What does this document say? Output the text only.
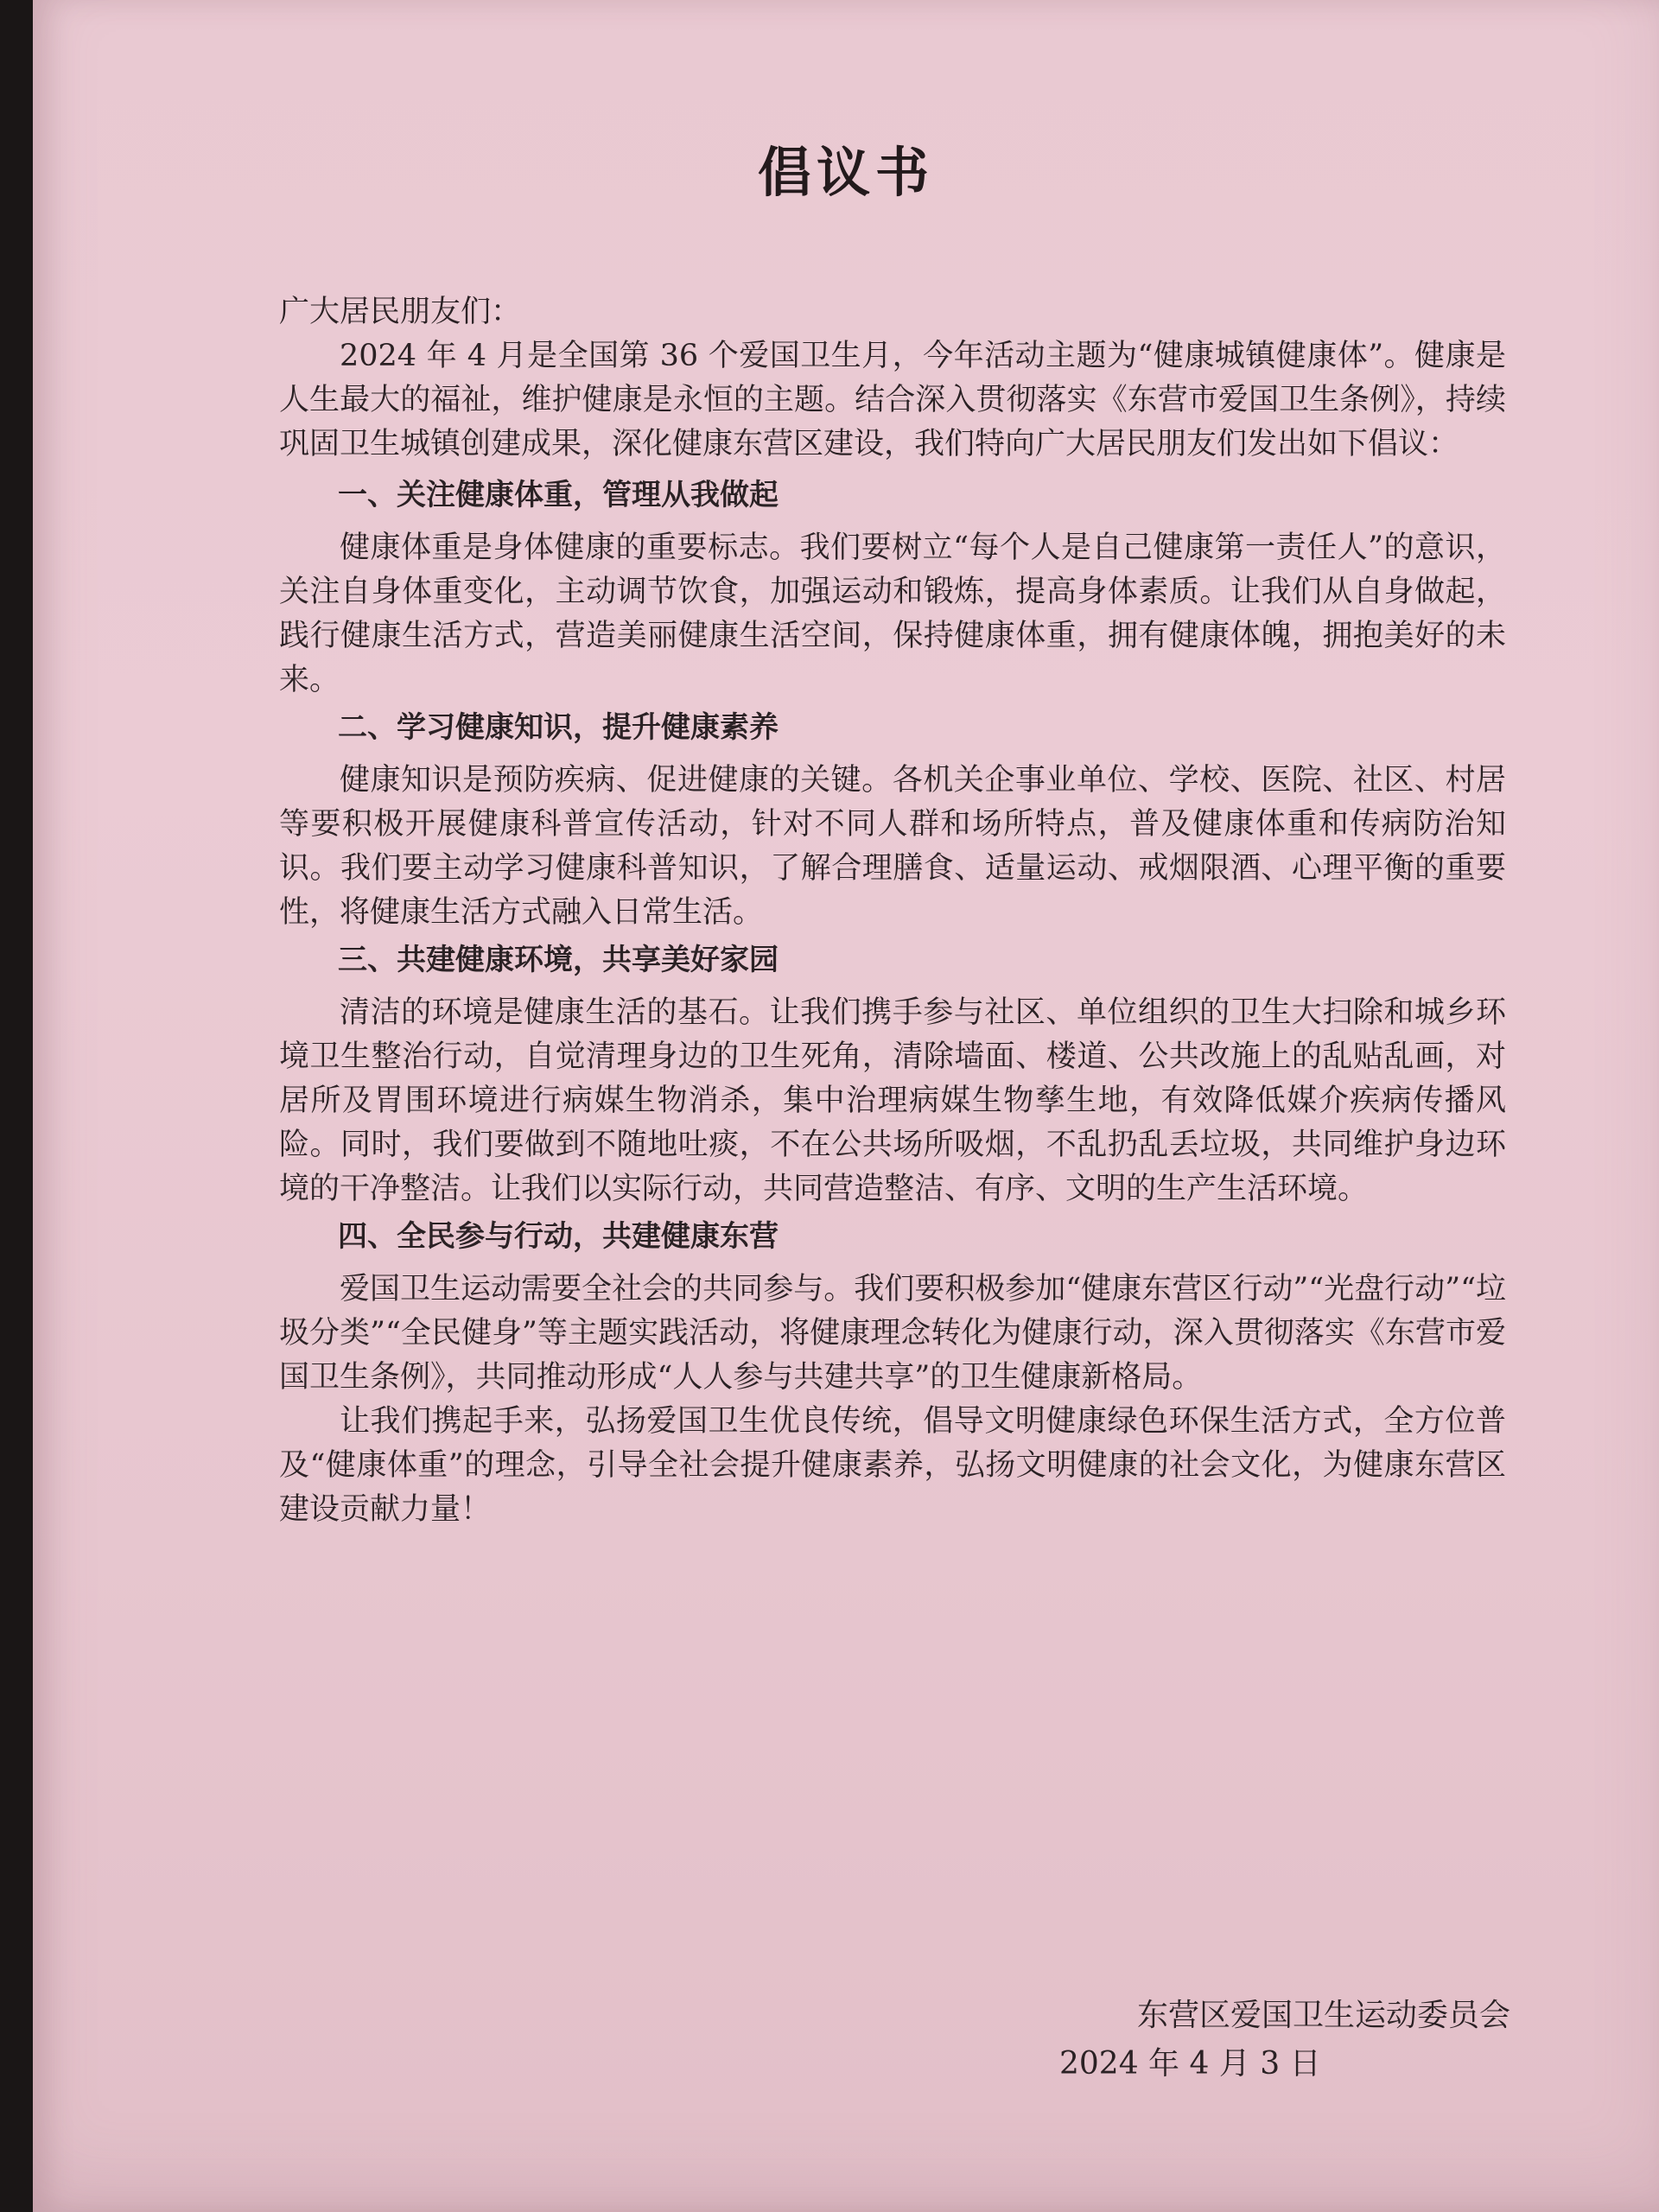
倡议书

广大居民朋友们：

2024 年 4 月是全国第 36 个爱国卫生月，今年活动主题为“健康城镇健康体”。健康是人生最大的福祉，维护健康是永恒的主题。结合深入贯彻落实《东营市爱国卫生条例》，持续巩固卫生城镇创建成果，深化健康东营区建设，我们特向广大居民朋友们发出如下倡议：

一、关注健康体重，管理从我做起

健康体重是身体健康的重要标志。我们要树立“每个人是自己健康第一责任人”的意识，关注自身体重变化，主动调节饮食，加强运动和锻炼，提高身体素质。让我们从自身做起，践行健康生活方式，营造美丽健康生活空间，保持健康体重，拥有健康体魄，拥抱美好的未来。

二、学习健康知识，提升健康素养

健康知识是预防疾病、促进健康的关键。各机关企事业单位、学校、医院、社区、村居等要积极开展健康科普宣传活动，针对不同人群和场所特点，普及健康体重和传病防治知识。我们要主动学习健康科普知识，了解合理膳食、适量运动、戒烟限酒、心理平衡的重要性，将健康生活方式融入日常生活。

三、共建健康环境，共享美好家园

清洁的环境是健康生活的基石。让我们携手参与社区、单位组织的卫生大扫除和城乡环境卫生整治行动，自觉清理身边的卫生死角，清除墙面、楼道、公共改施上的乱贴乱画，对居所及胃围环境进行病媒生物消杀，集中治理病媒生物孳生地，有效降低媒介疾病传播风险。同时，我们要做到不随地吐痰，不在公共场所吸烟，不乱扔乱丢垃圾，共同维护身边环境的干净整洁。让我们以实际行动，共同营造整洁、有序、文明的生产生活环境。

四、全民参与行动，共建健康东营

爱国卫生运动需要全社会的共同参与。我们要积极参加“健康东营区行动”“光盘行动”“垃圾分类”“全民健身”等主题实践活动，将健康理念转化为健康行动，深入贯彻落实《东营市爱国卫生条例》，共同推动形成“人人参与共建共享”的卫生健康新格局。

让我们携起手来，弘扬爱国卫生优良传统，倡导文明健康绿色环保生活方式，全方位普及“健康体重”的理念，引导全社会提升健康素养，弘扬文明健康的社会文化，为健康东营区建设贡献力量！

东营区爱国卫生运动委员会
2024 年 4 月 3 日
